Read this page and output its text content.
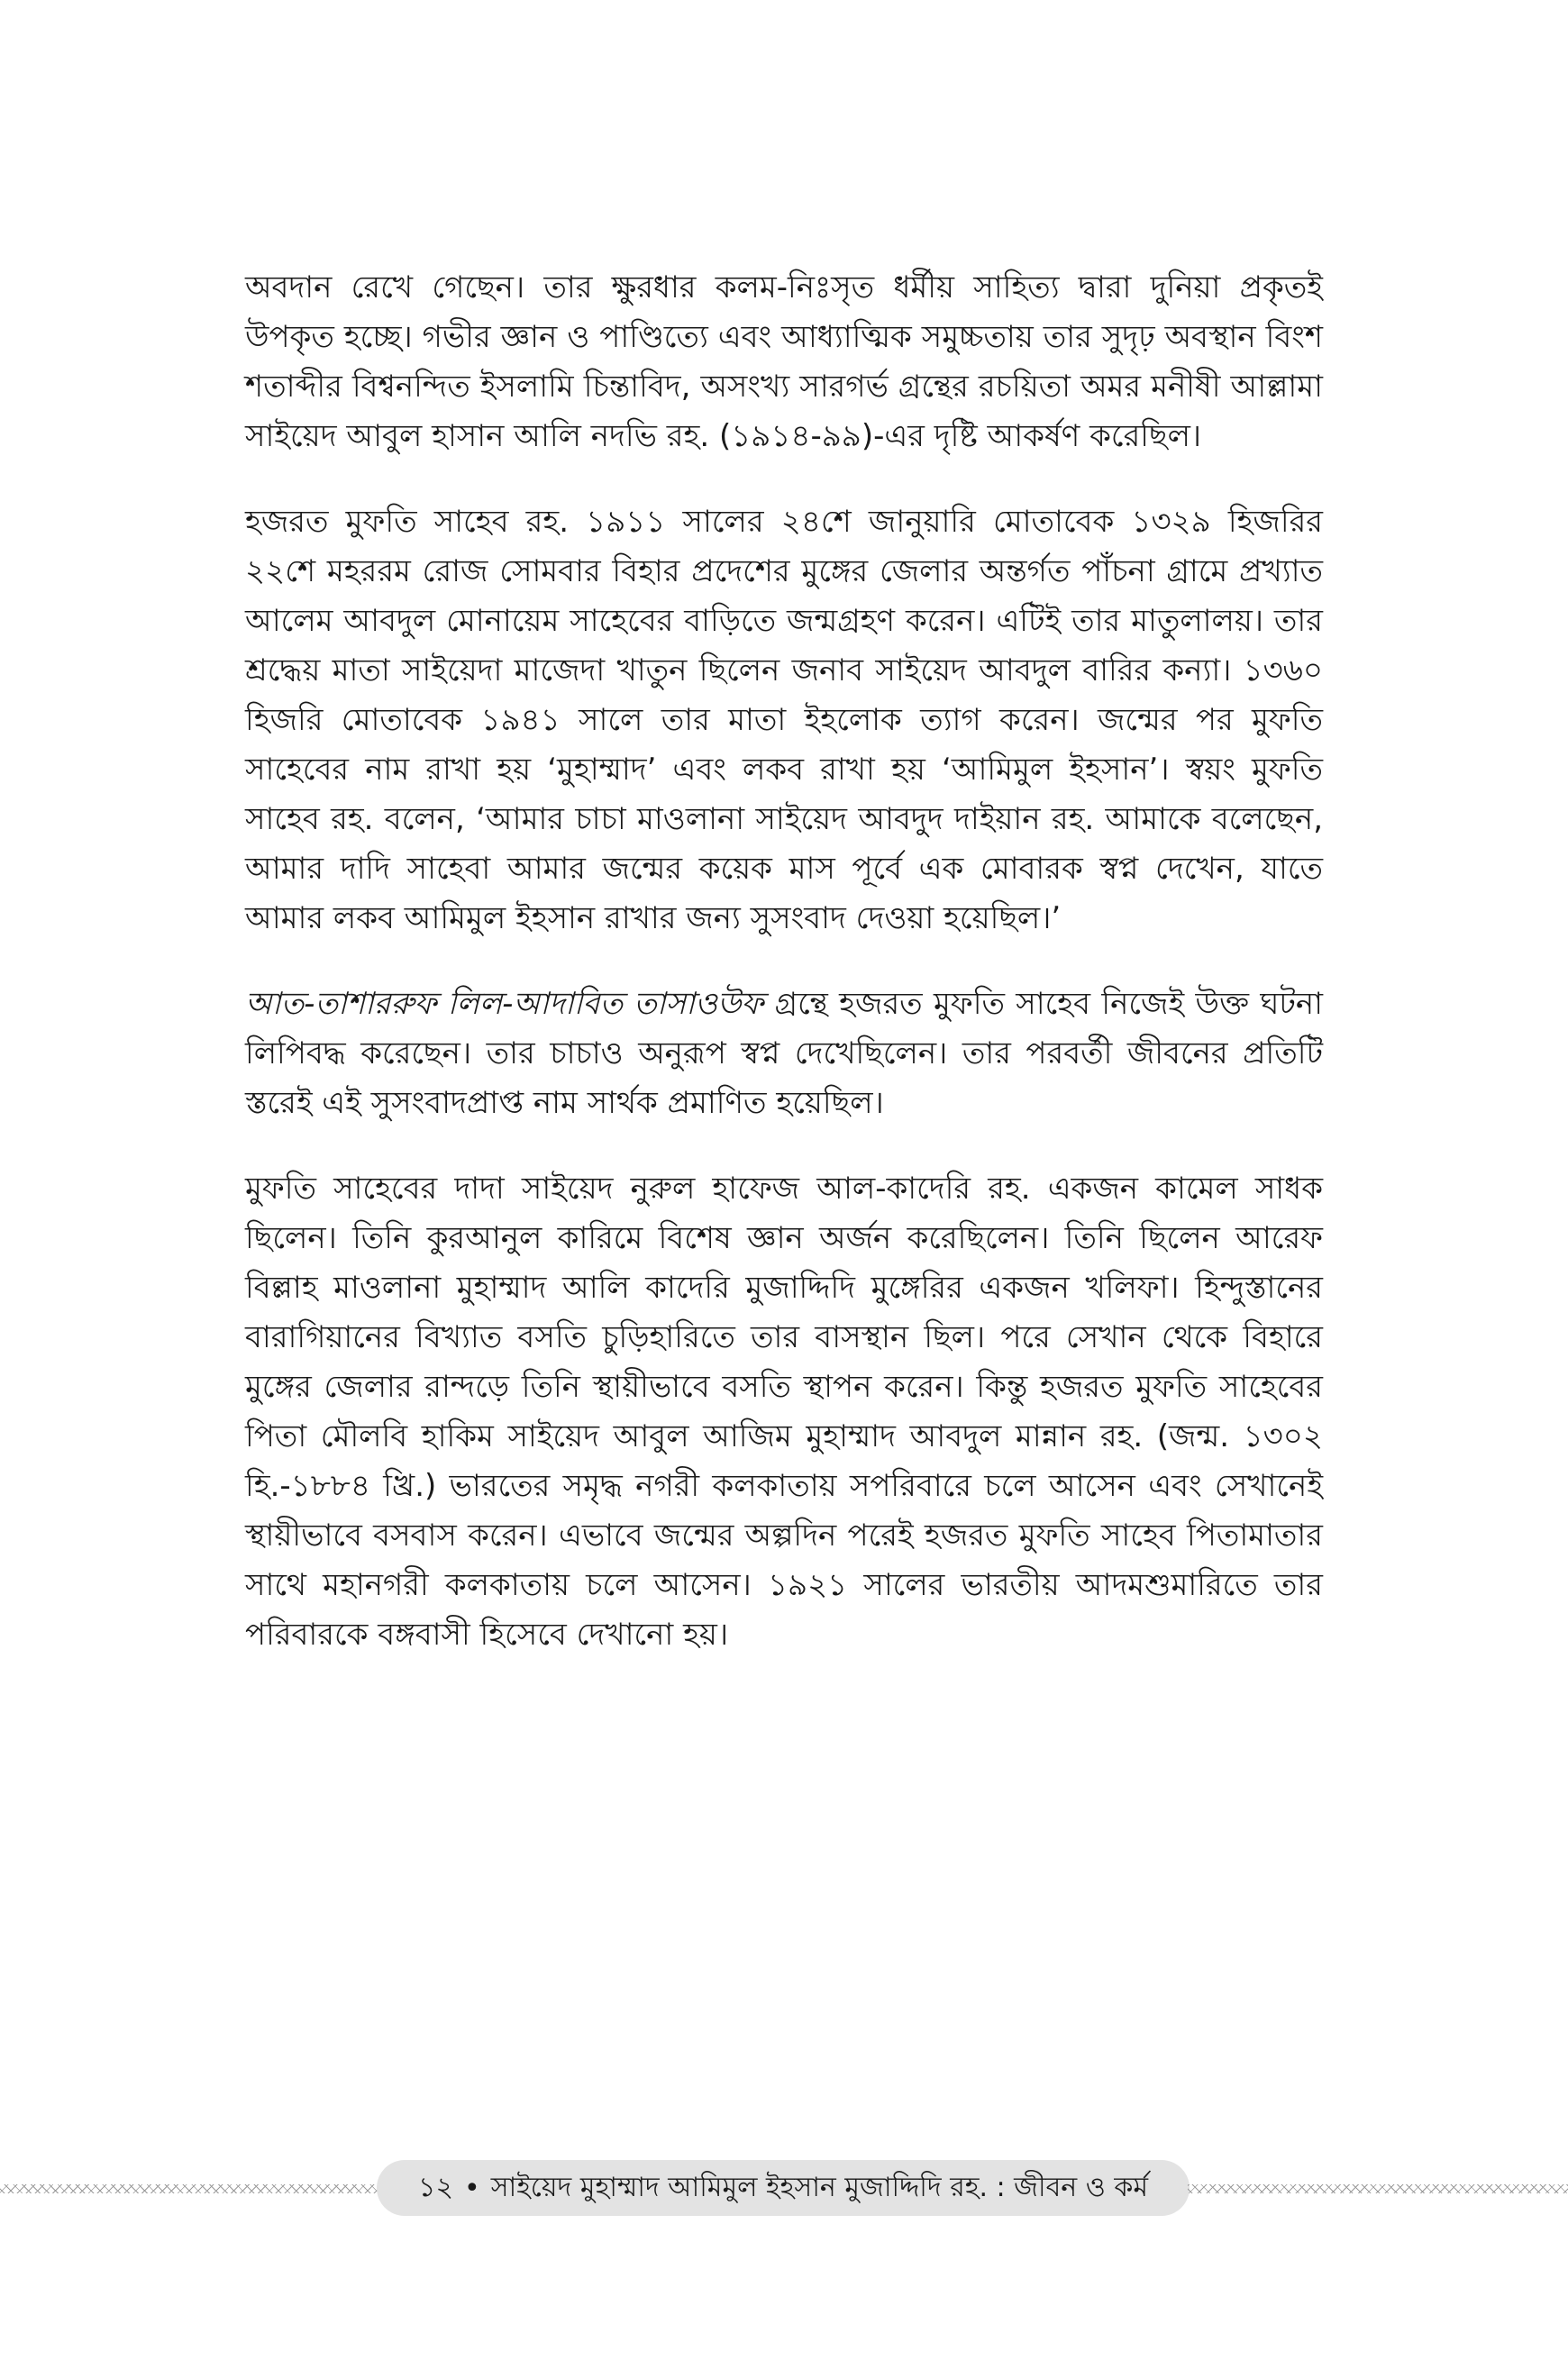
অবদান রেখে গেছেন। তার ক্ষুরধার কলম-নিঃসৃত ধর্মীয় সাহিত্য দ্বারা দুনিয়া প্রকৃতই উপকৃত হচ্ছে। গভীর জ্ঞান ও পাণ্ডিত্যে এবং আধ্যাত্মিক সমুচ্চতায় তার সুদৃঢ় অবস্থান বিংশ শতাব্দীর বিশ্বনন্দিত ইসলামি চিন্তাবিদ, অসংখ্য সারগর্ভ গ্রন্থের রচয়িতা অমর মনীষী আল্লামা সাইয়েদ আবুল হাসান আলি নদভি রহ. (১৯১৪-৯৯)-এর দৃষ্টি আকর্ষণ করেছিল।

হজরত মুফতি সাহেব রহ. ১৯১১ সালের ২৪শে জানুয়ারি মোতাবেক ১৩২৯ হিজরির ২২শে মহররম রোজ সোমবার বিহার প্রদেশের মুঙ্গের জেলার অন্তর্গত পাঁচনা গ্রামে প্রখ্যাত আলেম আবদুল মোনায়েম সাহেবের বাড়িতে জন্মগ্রহণ করেন। এটিই তার মাতুলালয়। তার শ্রদ্ধেয় মাতা সাইয়েদা মাজেদা খাতুন ছিলেন জনাব সাইয়েদ আবদুল বারির কন্যা। ১৩৬০ হিজরি মোতাবেক ১৯৪১ সালে তার মাতা ইহলোক ত্যাগ করেন। জন্মের পর মুফতি সাহেবের নাম রাখা হয় ‘মুহাম্মাদ’ এবং লকব রাখা হয় ‘আমিমুল ইহসান’। স্বয়ং মুফতি সাহেব রহ. বলেন, ‘আমার চাচা মাওলানা সাইয়েদ আবদুদ দাইয়ান রহ. আমাকে বলেছেন, আমার দাদি সাহেবা আমার জন্মের কয়েক মাস পূর্বে এক মোবারক স্বপ্ন দেখেন, যাতে আমার লকব আমিমুল ইহসান রাখার জন্য সুসংবাদ দেওয়া হয়েছিল।’

আত-তাশাররুফ লিল-আদাবিত তাসাওউফ গ্রন্থে হজরত মুফতি সাহেব নিজেই উক্ত ঘটনা লিপিবদ্ধ করেছেন। তার চাচাও অনুরূপ স্বপ্ন দেখেছিলেন। তার পরবর্তী জীবনের প্রতিটি স্তরেই এই সুসংবাদপ্রাপ্ত নাম সার্থক প্রমাণিত হয়েছিল।

মুফতি সাহেবের দাদা সাইয়েদ নুরুল হাফেজ আল-কাদেরি রহ. একজন কামেল সাধক ছিলেন। তিনি কুরআনুল কারিমে বিশেষ জ্ঞান অর্জন করেছিলেন। তিনি ছিলেন আরেফ বিল্লাহ মাওলানা মুহাম্মাদ আলি কাদেরি মুজাদ্দিদি মুঙ্গেরির একজন খলিফা। হিন্দুস্তানের বারাগিয়ানের বিখ্যাত বসতি চুড়িহারিতে তার বাসস্থান ছিল। পরে সেখান থেকে বিহারে মুঙ্গের জেলার রান্দড়ে তিনি স্থায়ীভাবে বসতি স্থাপন করেন। কিন্তু হজরত মুফতি সাহেবের পিতা মৌলবি হাকিম সাইয়েদ আবুল আজিম মুহাম্মাদ আবদুল মান্নান রহ. (জন্ম. ১৩০২ হি.-১৮৮৪ খ্রি.) ভারতের সমৃদ্ধ নগরী কলকাতায় সপরিবারে চলে আসেন এবং সেখানেই স্থায়ীভাবে বসবাস করেন। এভাবে জন্মের অল্পদিন পরেই হজরত মুফতি সাহেব পিতামাতার সাথে মহানগরী কলকাতায় চলে আসেন। ১৯২১ সালের ভারতীয় আদমশুমারিতে তার পরিবারকে বঙ্গবাসী হিসেবে দেখানো হয়।

১২ • সাইয়েদ মুহাম্মাদ আমিমুল ইহসান মুজাদ্দিদি রহ. : জীবন ও কর্ম
